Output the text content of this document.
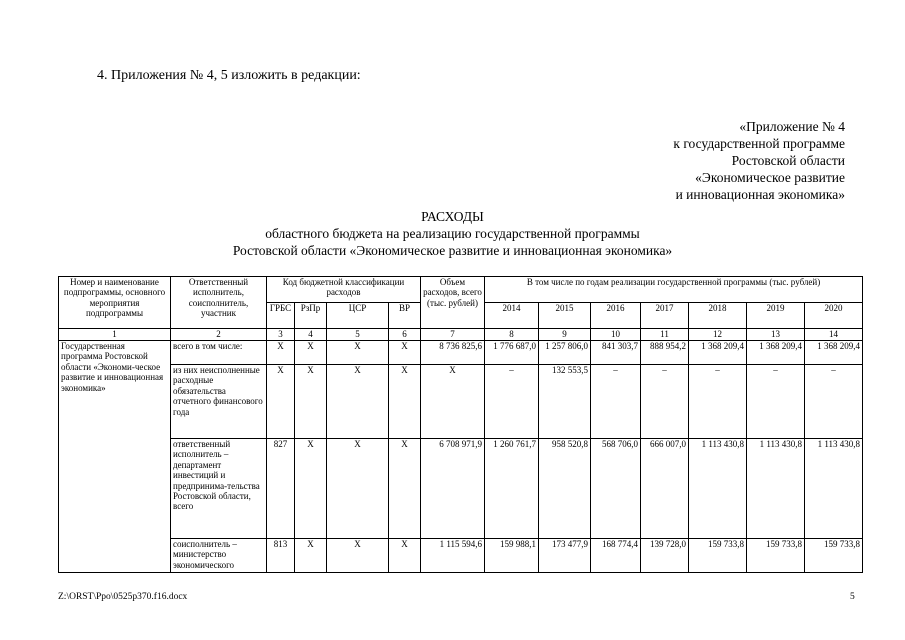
4. Приложения № 4, 5 изложить в редакции:
«Приложение № 4
к государственной программе
Ростовской области
«Экономическое развитие
и инновационная экономика»
РАСХОДЫ
областного бюджета на реализацию государственной программы
Ростовской области «Экономическое развитие и инновационная экономика»
Номер и наименование подпрограммы, основного мероприятия подпрограммы	Ответственный исполнитель, соисполнитель, участник	Код бюджетной классификации расходов				Объем расходов, всего (тыс. рублей)	В том числе по годам реализации государственной программы (тыс. рублей)						
		ГРБС	РзПр	ЦСР	ВР		2014	2015	2016	2017	2018	2019	2020
1	2	3	4	5	6	7	8	9	10	11	12	13	14
Государственная программа Ростовской области «Экономи-ческое развитие и инновационная экономика»	всего в том числе:	X	X	X	X	8 736 825,6	1 776 687,0	1 257 806,0	841 303,7	888 954,2	1 368 209,4	1 368 209,4	1 368 209,4
	из них неисполненные расходные обязательства отчетного финансового года	X	X	X	X	X	–	132 553,5	–	–	–	–	–
	ответственный исполнитель – департамент инвестиций и предпринима-тельства Ростовской области, всего	827	X	X	X	6 708 971,9	1 260 761,7	958 520,8	568 706,0	666 007,0	1 113 430,8	1 113 430,8	1 113 430,8
	соисполнитель – министерство экономического	813	X	X	X	1 115 594,6	159 988,1	173 477,9	168 774,4	139 728,0	159 733,8	159 733,8	159 733,8
Z:\ORST\Ppo\0525p370.f16.docx	5
